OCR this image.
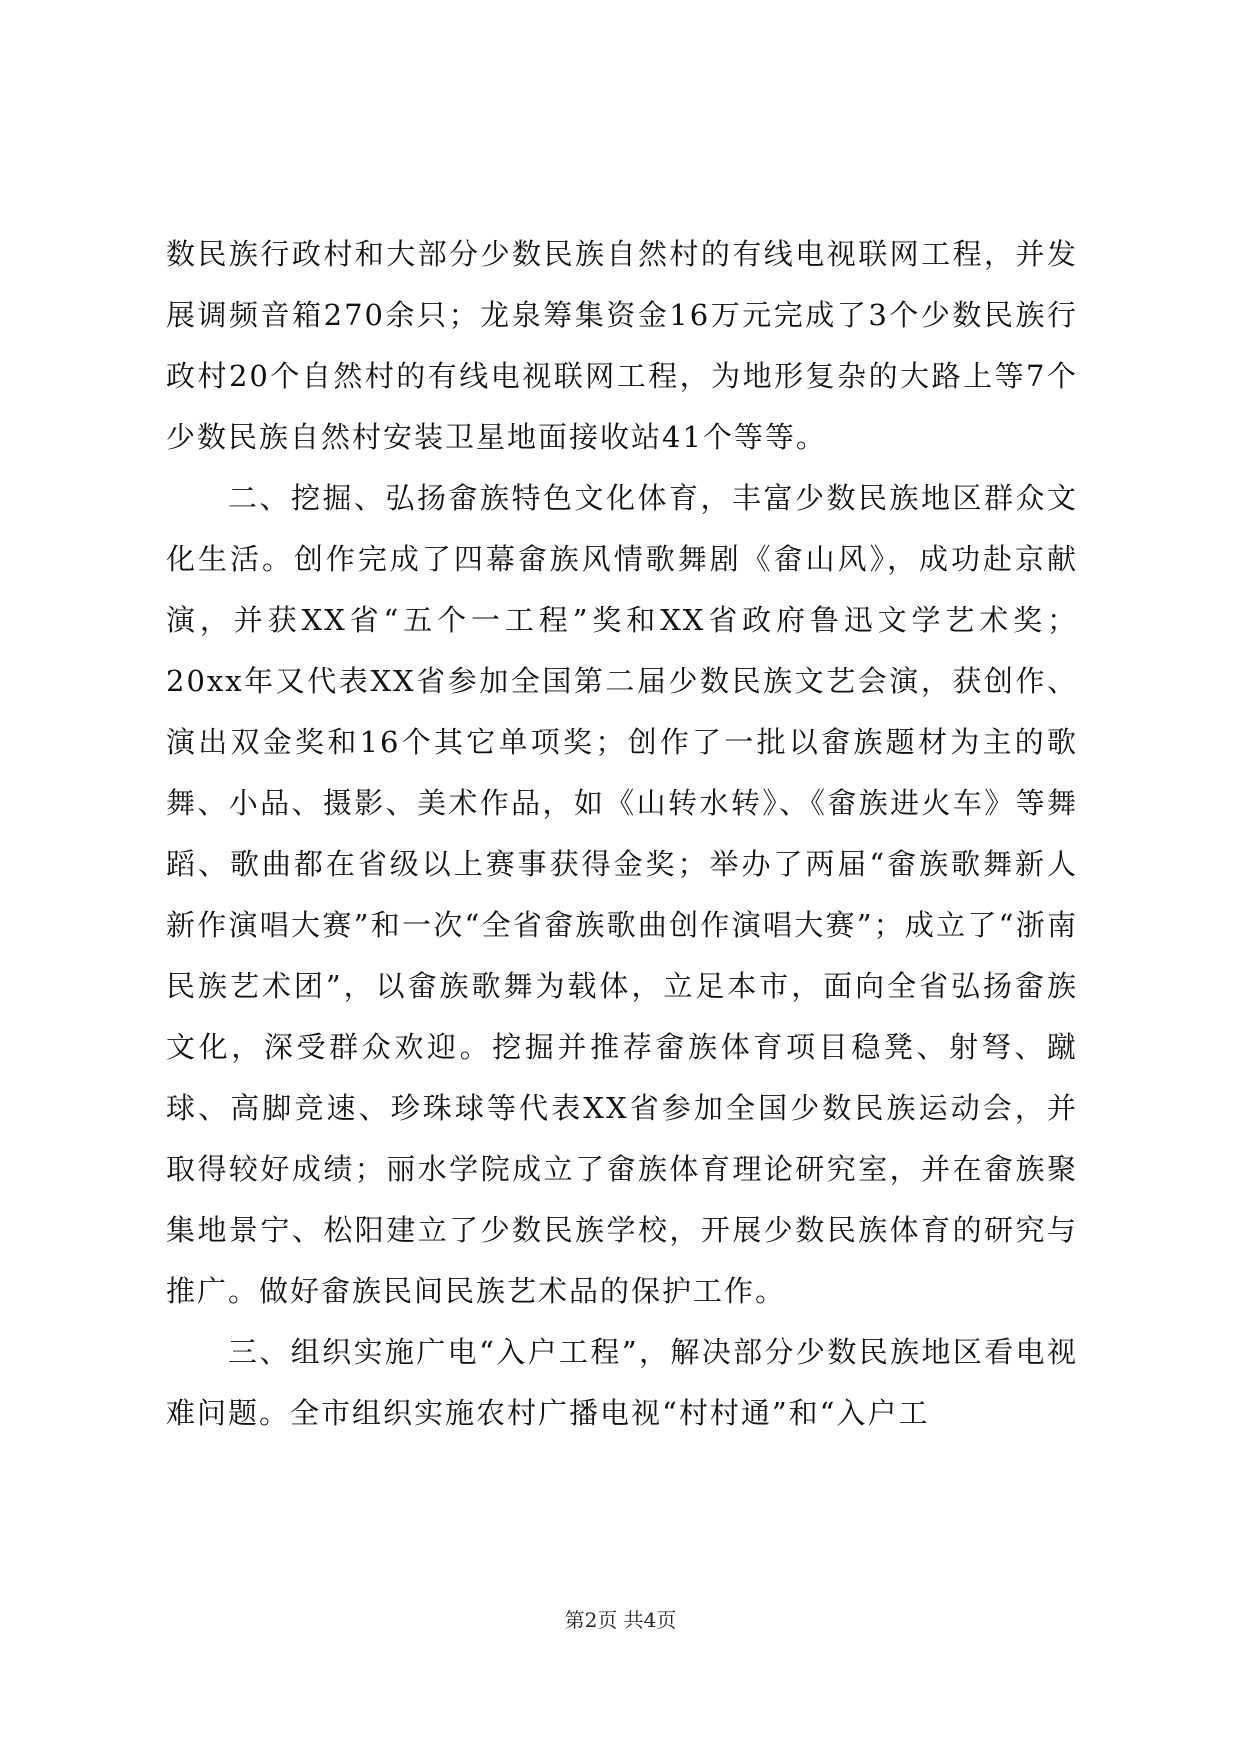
数民族行政村和大部分少数民族自然村的有线电视联网工程，并发展调频音箱270余只；龙泉筹集资金16万元完成了3个少数民族行政村20个自然村的有线电视联网工程，为地形复杂的大路上等7个少数民族自然村安装卫星地面接收站41个等等。

二、挖掘、弘扬畲族特色文化体育，丰富少数民族地区群众文化生活。创作完成了四幕畲族风情歌舞剧《畲山风》，成功赴京献演，并获XX省“五个一工程”奖和XX省政府鲁迅文学艺术奖；20xx年又代表XX省参加全国第二届少数民族文艺会演，获创作、演出双金奖和16个其它单项奖；创作了一批以畲族题材为主的歌舞、小品、摄影、美术作品，如《山转水转》、《畲族进火车》等舞蹈、歌曲都在省级以上赛事获得金奖；举办了两届“畲族歌舞新人新作演唱大赛”和一次“全省畲族歌曲创作演唱大赛”；成立了“浙南民族艺术团”，以畲族歌舞为载体，立足本市，面向全省弘扬畲族文化，深受群众欢迎。挖掘并推荐畲族体育项目稳凳、射弩、蹴球、高脚竞速、珍珠球等代表XX省参加全国少数民族运动会，并取得较好成绩；丽水学院成立了畲族体育理论研究室，并在畲族聚集地景宁、松阳建立了少数民族学校，开展少数民族体育的研究与推广。做好畲族民间民族艺术品的保护工作。

三、组织实施广电“入户工程”，解决部分少数民族地区看电视难问题。全市组织实施农村广播电视“村村通”和“入户工

第2页 共4页
